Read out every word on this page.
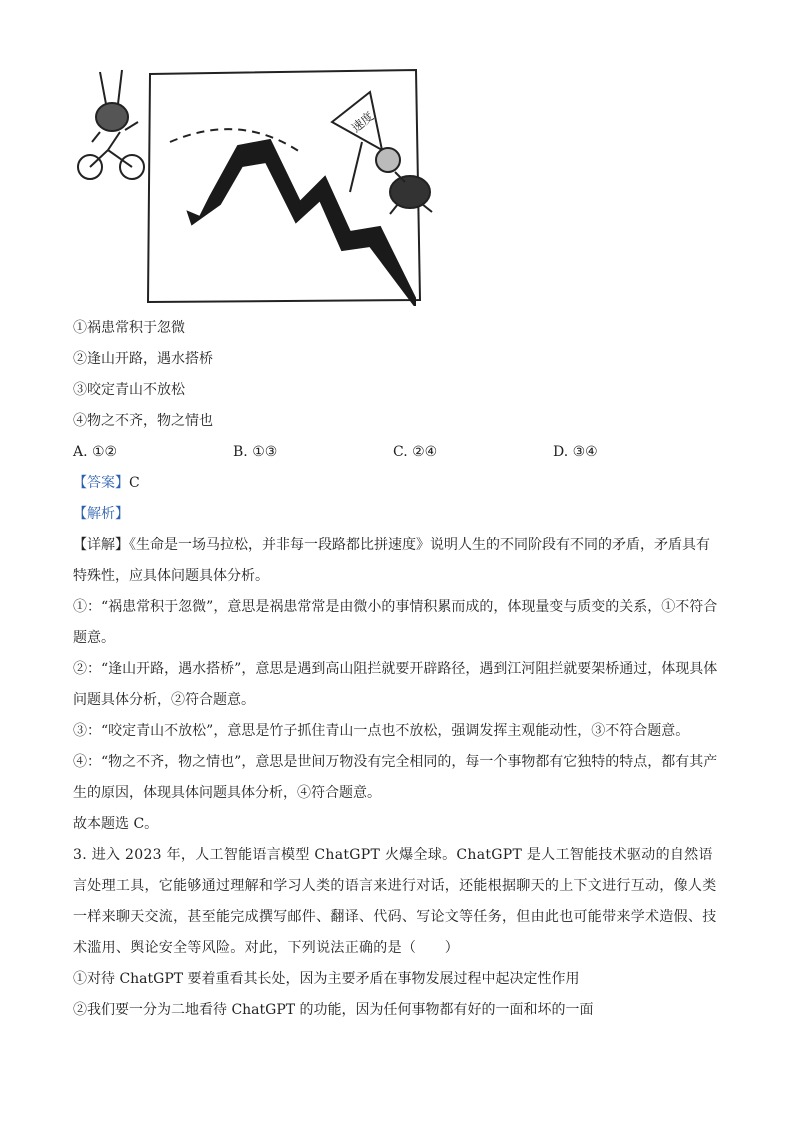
速度

①祸患常积于忽微

②逢山开路，遇水搭桥

③咬定青山不放松

④物之不齐，物之情也

A. ①②	B. ①③	C. ②④	D. ③④

【答案】C

【解析】

【详解】《生命是一场马拉松，并非每一段路都比拼速度》说明人生的不同阶段有不同的矛盾，矛盾具有特殊性，应具体问题具体分析。

①：“祸患常积于忽微”，意思是祸患常常是由微小的事情积累而成的，体现量变与质变的关系，①不符合题意。

②：“逢山开路，遇水搭桥”，意思是遇到高山阻拦就要开辟路径，遇到江河阻拦就要架桥通过，体现具体问题具体分析，②符合题意。

③：“咬定青山不放松”，意思是竹子抓住青山一点也不放松，强调发挥主观能动性，③不符合题意。

④：“物之不齐，物之情也”，意思是世间万物没有完全相同的，每一个事物都有它独特的特点，都有其产生的原因，体现具体问题具体分析，④符合题意。

故本题选 C。

3. 进入 2023 年，人工智能语言模型 ChatGPT 火爆全球。ChatGPT 是人工智能技术驱动的自然语言处理工具，它能够通过理解和学习人类的语言来进行对话，还能根据聊天的上下文进行互动，像人类一样来聊天交流，甚至能完成撰写邮件、翻译、代码、写论文等任务，但由此也可能带来学术造假、技术滥用、舆论安全等风险。对此，下列说法正确的是（　　）

①对待 ChatGPT 要着重看其长处，因为主要矛盾在事物发展过程中起决定性作用

②我们要一分为二地看待 ChatGPT 的功能，因为任何事物都有好的一面和坏的一面
